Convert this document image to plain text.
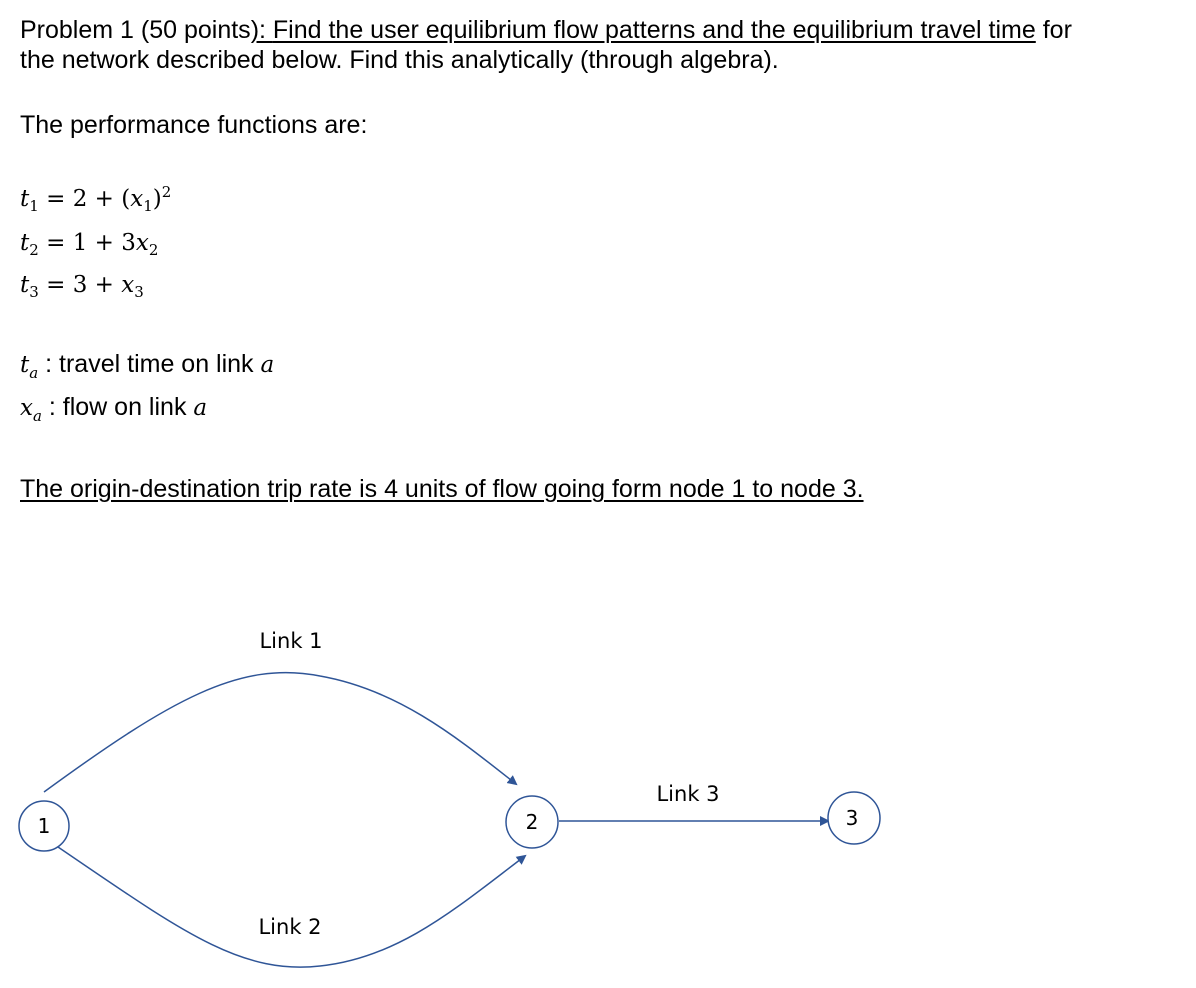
Problem 1 (50 points): Find the user equilibrium flow patterns and the equilibrium travel time for
the network described below. Find this analytically (through algebra).
The performance functions are:
$t_1 = 2 + (x_1)^2$
$t_2 = 1 + 3x_2$
$t_3 = 3 + x_3$
$t_a$ : travel time on link a
$x_a$ : flow on link a
The origin-destination trip rate is 4 units of flow going form node 1 to node 3.
1	2	3
Link 1
Link 2
Link 3
